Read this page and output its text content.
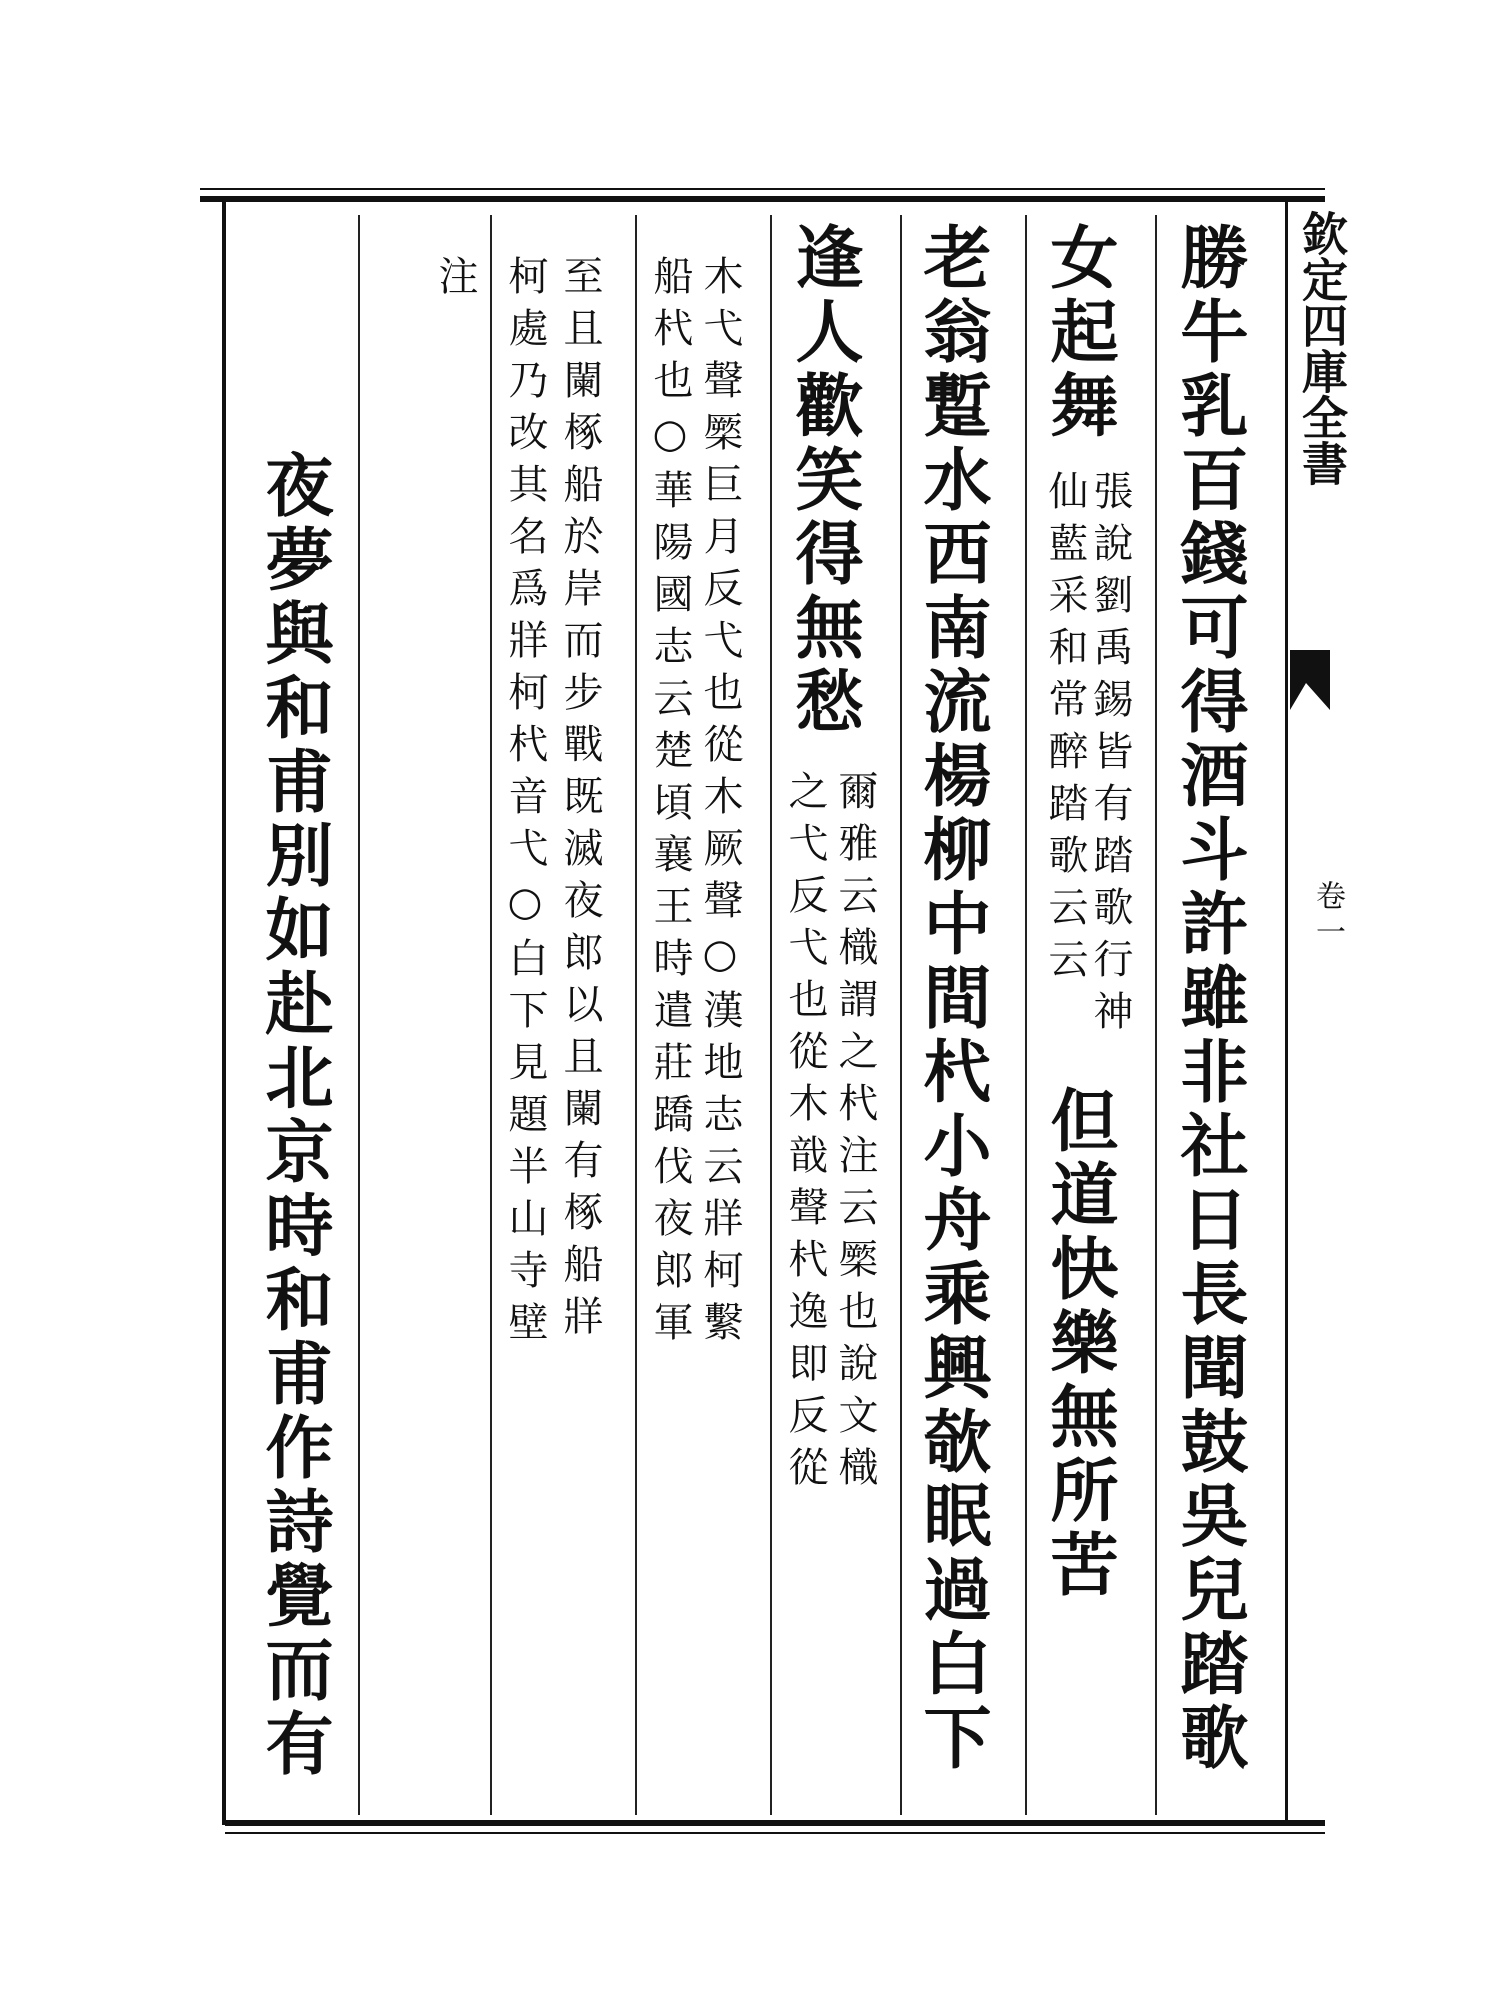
欽定四庫全書
卷一
勝牛乳百錢可得酒斗許雖非社日長聞鼓吳兒踏歌
女起舞
張說劉禹錫皆有踏歌行神
仙藍采和常醉踏歌云云
但道快樂無所苦
老翁蹔水西南流楊柳中間杙小舟乘興欹眠過白下
逢人歡笑得無愁
爾雅云樴謂之杙注云橜也說文樴
之弋反弋也從木戠聲杙逸即反從
木弋聲橜巨月反弋也從木厥聲○漢地志云牂柯繫
船杙也○華陽國志云楚頃襄王時遣莊蹻伐夜郎軍
至且闌椓船於岸而步戰既滅夜郎以且闌有椓船牂
柯處乃改其名爲牂柯杙音弋○白下見題半山寺壁
注
夜夢與和甫別如赴北京時和甫作詩覺而有
